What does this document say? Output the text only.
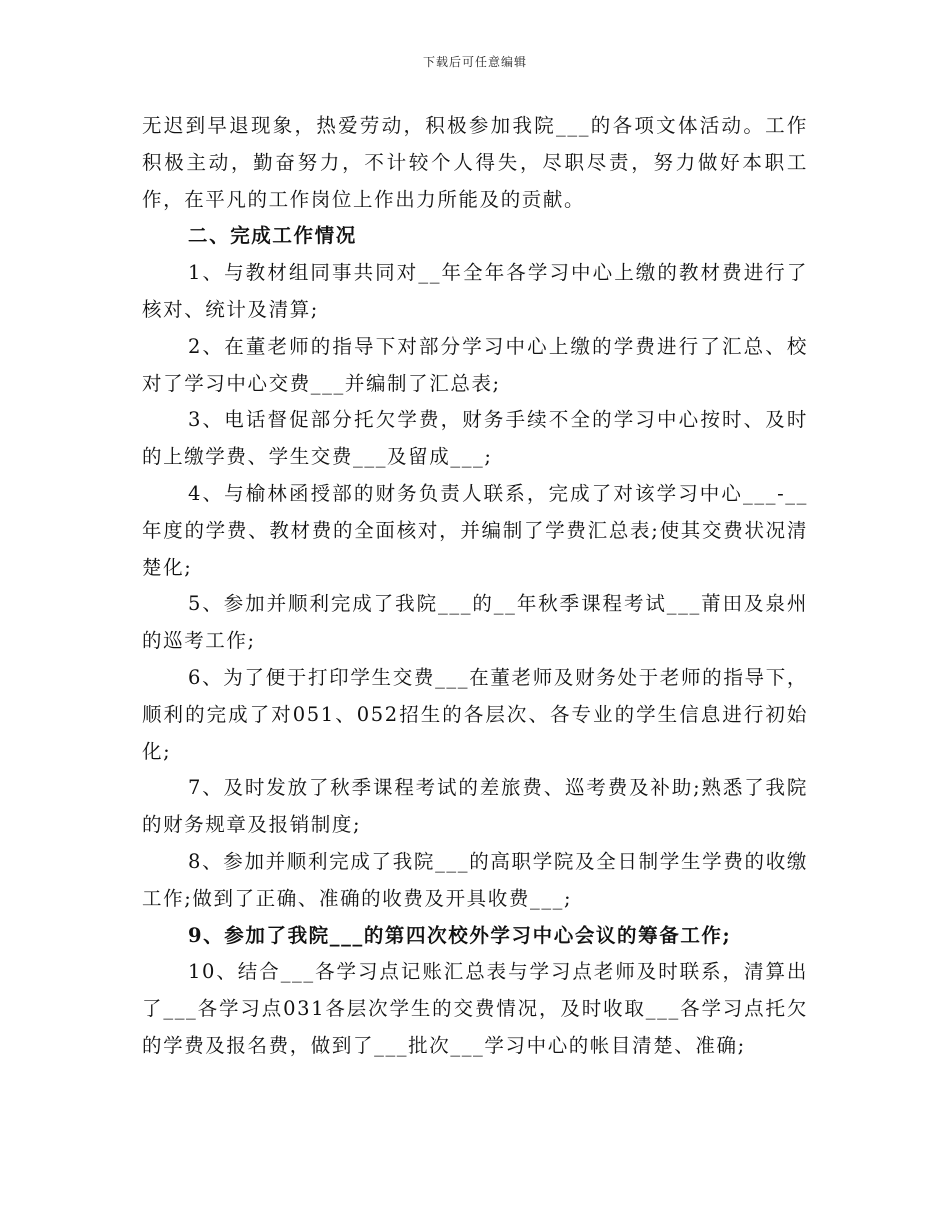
下载后可任意编辑

无迟到早退现象，热爱劳动，积极参加我院___的各项文体活动。工作积极主动，勤奋努力，不计较个人得失，尽职尽责，努力做好本职工作，在平凡的工作岗位上作出力所能及的贡献。

二、完成工作情况

1、与教材组同事共同对__年全年各学习中心上缴的教材费进行了核对、统计及清算;

2、在董老师的指导下对部分学习中心上缴的学费进行了汇总、校对了学习中心交费___并编制了汇总表;

3、电话督促部分托欠学费，财务手续不全的学习中心按时、及时的上缴学费、学生交费___及留成___;

4、与榆林函授部的财务负责人联系，完成了对该学习中心___-__年度的学费、教材费的全面核对，并编制了学费汇总表;使其交费状况清楚化;

5、参加并顺利完成了我院___的__年秋季课程考试___莆田及泉州的巡考工作;

6、为了便于打印学生交费___在董老师及财务处于老师的指导下，顺利的完成了对051、052招生的各层次、各专业的学生信息进行初始化;

7、及时发放了秋季课程考试的差旅费、巡考费及补助;熟悉了我院的财务规章及报销制度;

8、参加并顺利完成了我院___的高职学院及全日制学生学费的收缴工作;做到了正确、准确的收费及开具收费___;

9、参加了我院___的第四次校外学习中心会议的筹备工作;

10、结合___各学习点记账汇总表与学习点老师及时联系，清算出了___各学习点031各层次学生的交费情况，及时收取___各学习点托欠的学费及报名费，做到了___批次___学习中心的帐目清楚、准确;
